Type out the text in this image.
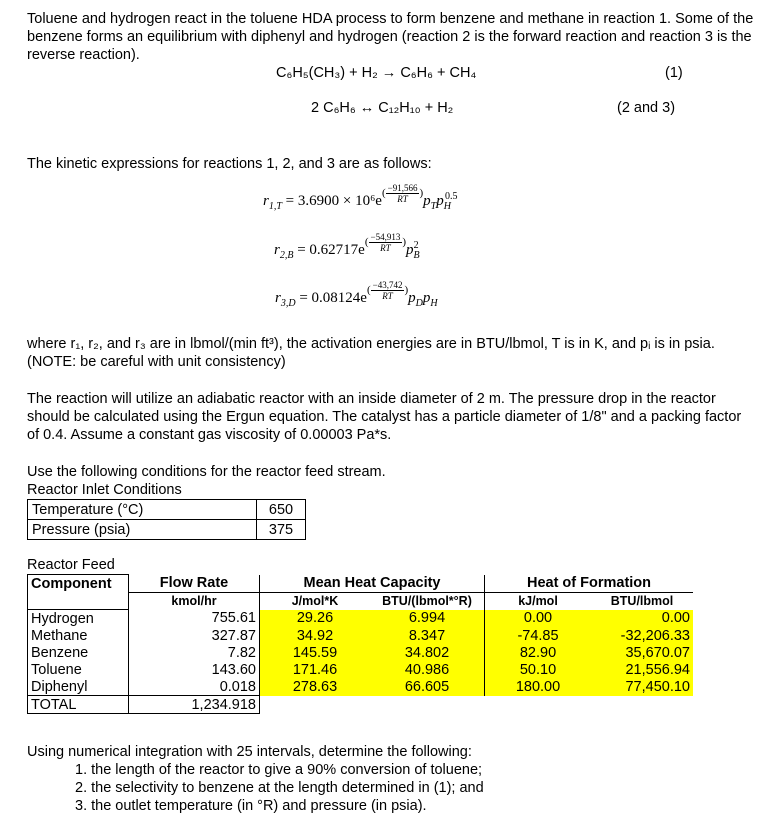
Toluene and hydrogen react in the toluene HDA process to form benzene and methane in reaction 1. Some of the benzene forms an equilibrium with diphenyl and hydrogen (reaction 2 is the forward reaction and reaction 3 is the reverse reaction).

C₆H₅(CH₃) + H₂ → C₆H₆ + CH₄	(1)
2 C₆H₆ ↔ C₁₂H₁₀ + H₂	(2 and 3)

The kinetic expressions for reactions 1, 2, and 3 are as follows:

$r_{1,T} = 3.6900 \times 10^6e( \frac{-91,566}{RT} )p_Tp_H^{0.5}$
$r_{2,B} = 0.62717e( \frac{-54,913}{RT} )p_B^2$
$r_{3,D} = 0.08124e( \frac{-43,742}{RT} )p_Dp_H$

where r₁, r₂, and r₃ are in lbmol/(min ft³), the activation energies are in BTU/lbmol, T is in K, and pᵢ is in psia. (NOTE: be careful with unit consistency)

The reaction will utilize an adiabatic reactor with an inside diameter of 2 m. The pressure drop in the reactor should be calculated using the Ergun equation. The catalyst has a particle diameter of 1/8" and a packing factor of 0.4. Assume a constant gas viscosity of 0.00003 Pa*s.

Use the following conditions for the reactor feed stream.

Reactor Inlet Conditions

Temperature (°C)	650
Pressure (psia)	375

Reactor Feed

Component	Flow Rate	Mean Heat Capacity		Heat of Formation	
	kmol/hr	J/mol*K	BTU/(lbmol*°R)	kJ/mol	BTU/lbmol
Hydrogen	755.61	29.26	6.994	0.00	0.00
Methane	327.87	34.92	8.347	-74.85	-32,206.33
Benzene	7.82	145.59	34.802	82.90	35,670.07
Toluene	143.60	171.46	40.986	50.10	21,556.94
Diphenyl	0.018	278.63	66.605	180.00	77,450.10
TOTAL	1,234.918				

Using numerical integration with 25 intervals, determine the following:

1. the length of the reactor to give a 90% conversion of toluene;
2. the selectivity to benzene at the length determined in (1); and
3. the outlet temperature (in °R) and pressure (in psia).
